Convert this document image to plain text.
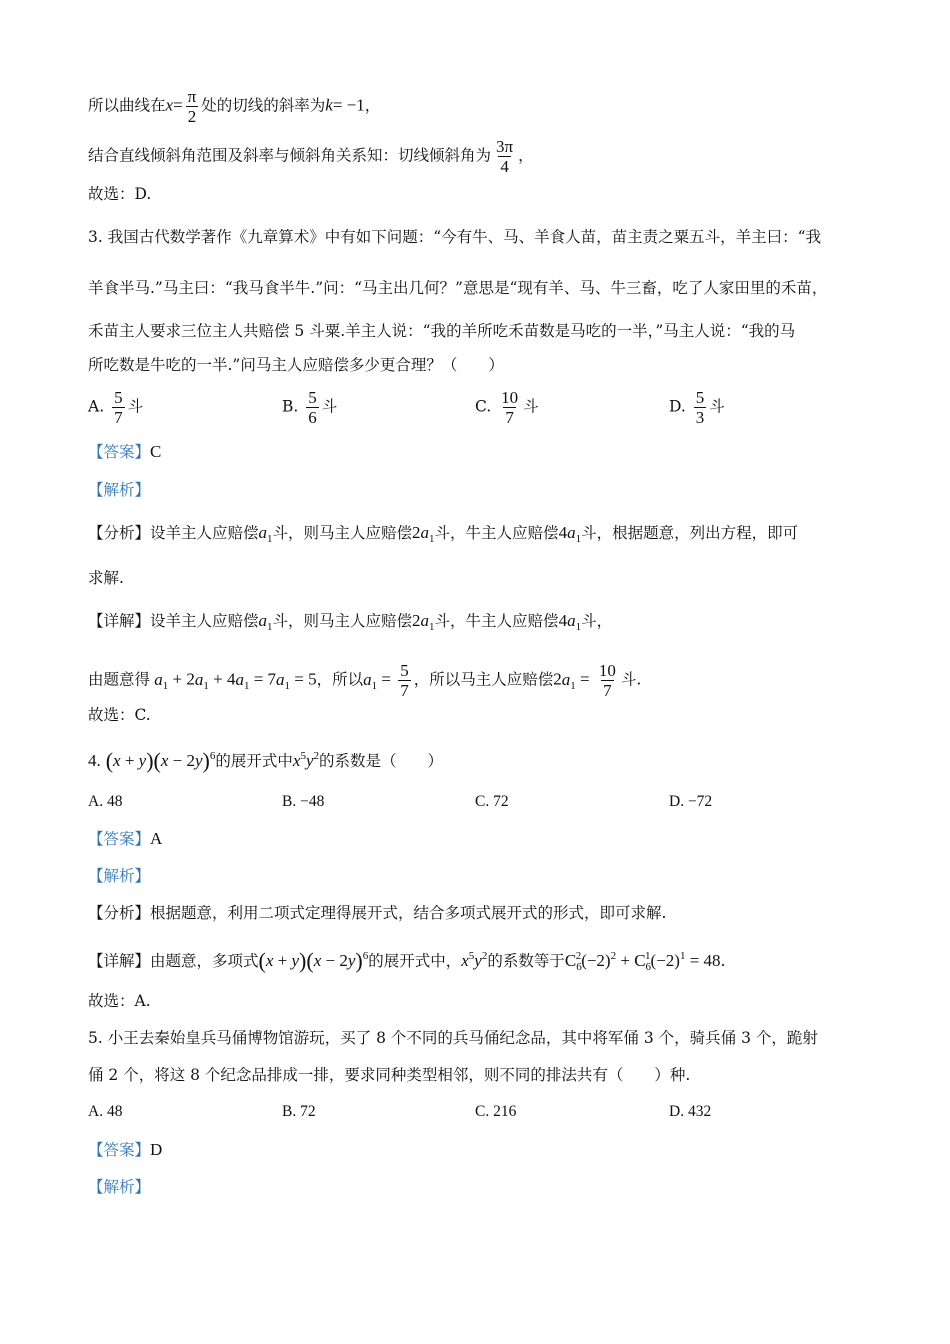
所以曲线在$x= \frac{\pi}{2}$ 处的切线的斜率为k= −1，
结合直线倾斜角范围及斜率与倾斜角关系知：切线倾斜角为 $\frac{3\pi}{4}$ ，
故选：D.
3. 我国古代数学著作《九章算术》中有如下问题：“今有牛、马、羊食人苗，苗主责之粟五斗，羊主曰：“我
羊食半马.”马主曰：“我马食半牛.”问：“马主出几何？”意思是“现有羊、马、牛三畜，吃了人家田里的禾苗，
禾苗主人要求三位主人共赔偿 5 斗粟.羊主人说：“我的羊所吃禾苗数是马吃的一半，”马主人说：“我的马
所吃数是牛吃的一半.”问马主人应赔偿多少更合理？（　　）
A. $\frac{5}{7}$ 斗	B. $\frac{5}{6}$ 斗	C. $\frac{10}{7}$ 斗	D. $\frac{5}{3}$ 斗
【答案】C
【解析】
【分析】设羊主人应赔偿$a_1$斗，则马主人应赔偿$2a_1$斗，牛主人应赔偿$4a_1$斗，根据题意，列出方程，即可
求解.
【详解】设羊主人应赔偿$a_1$斗，则马主人应赔偿$2a_1$斗，牛主人应赔偿$4a_1$斗，
由题意得 $a_1 + 2a_1 + 4a_1 = 7a_1 = 5$，所以$a_1 = \frac{5}{7}$ ，所以马主人应赔偿$2a_1 = \frac{10}{7}$ 斗.
故选：C.
4. $(x + y)(x - 2y)^6$的展开式中$x^5y^2$的系数是（　　）
A. 48	B. −48	C. 72	D. −72
【答案】A
【解析】
【分析】根据题意，利用二项式定理得展开式，结合多项式展开式的形式，即可求解.
【详解】由题意，多项式$(x + y)(x - 2y)^6$的展开式中，$x^5y^2$的系数等于$C_6^2(-2)^2 + C_6^1(-2)^1 = 48$.
故选：A.
5. 小王去秦始皇兵马俑博物馆游玩，买了 8 个不同的兵马俑纪念品，其中将军俑 3 个，骑兵俑 3 个，跪射
俑 2 个，将这 8 个纪念品排成一排，要求同种类型相邻，则不同的排法共有（　　）种.
A. 48	B. 72	C. 216	D. 432
【答案】D
【解析】
